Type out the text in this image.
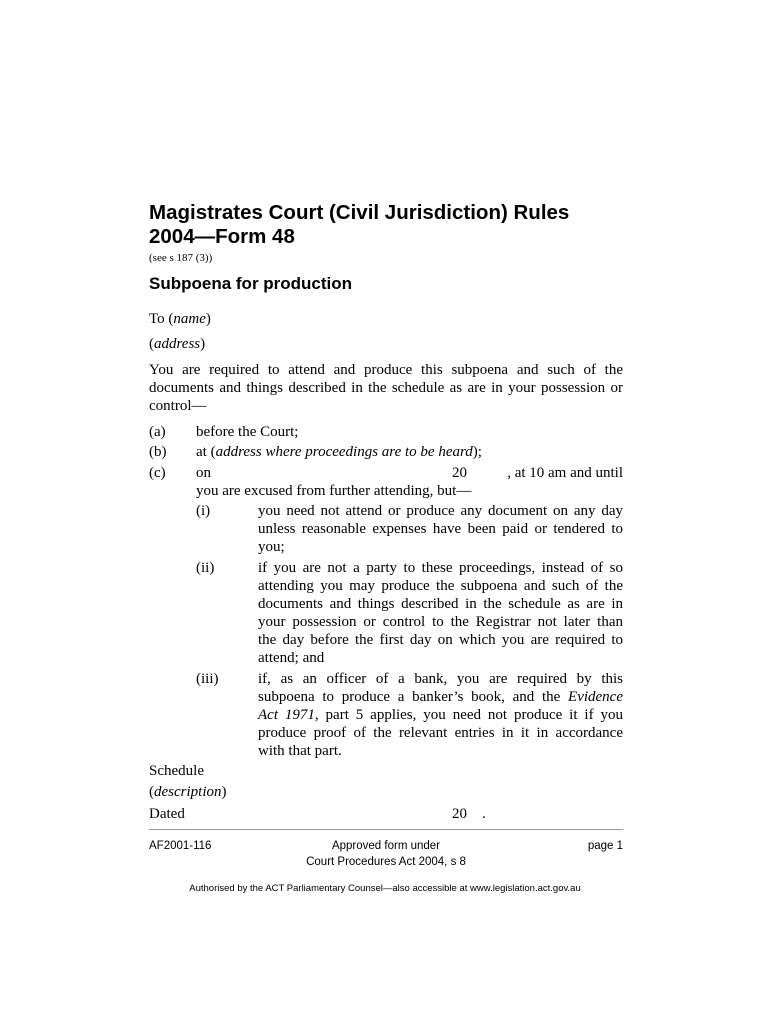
Magistrates Court (Civil Jurisdiction) Rules 2004—Form 48
(see s 187 (3))
Subpoena for production
To (name)
(address)
You are required to attend and produce this subpoena and such of the
documents and things described in the schedule as are in your possession or
control—
(a) before the Court;
(b) at (address where proceedings are to be heard);
(c) on	20	, at 10 am and until
you are excused from further attending, but—
(i)	you need not attend or produce any document on any day
unless reasonable expenses have been paid or tendered to
you;
(ii)	if you are not a party to these proceedings, instead of so
attending you may produce the subpoena and such of the
documents and things described in the schedule as are in
your possession or control to the Registrar not later than
the day before the first day on which you are required to
attend; and
(iii)	if, as an officer of a bank, you are required by this
subpoena to produce a banker’s book, and the Evidence
Act 1971, part 5 applies, you need not produce it if you
produce proof of the relevant entries in it in accordance
with that part.
Schedule
(description)
Dated	20 .
AF2001-116	Approved form under
Court Procedures Act 2004, s 8
page 1
Authorised by the ACT Parliamentary Counsel—also accessible at www.legislation.act.gov.au
